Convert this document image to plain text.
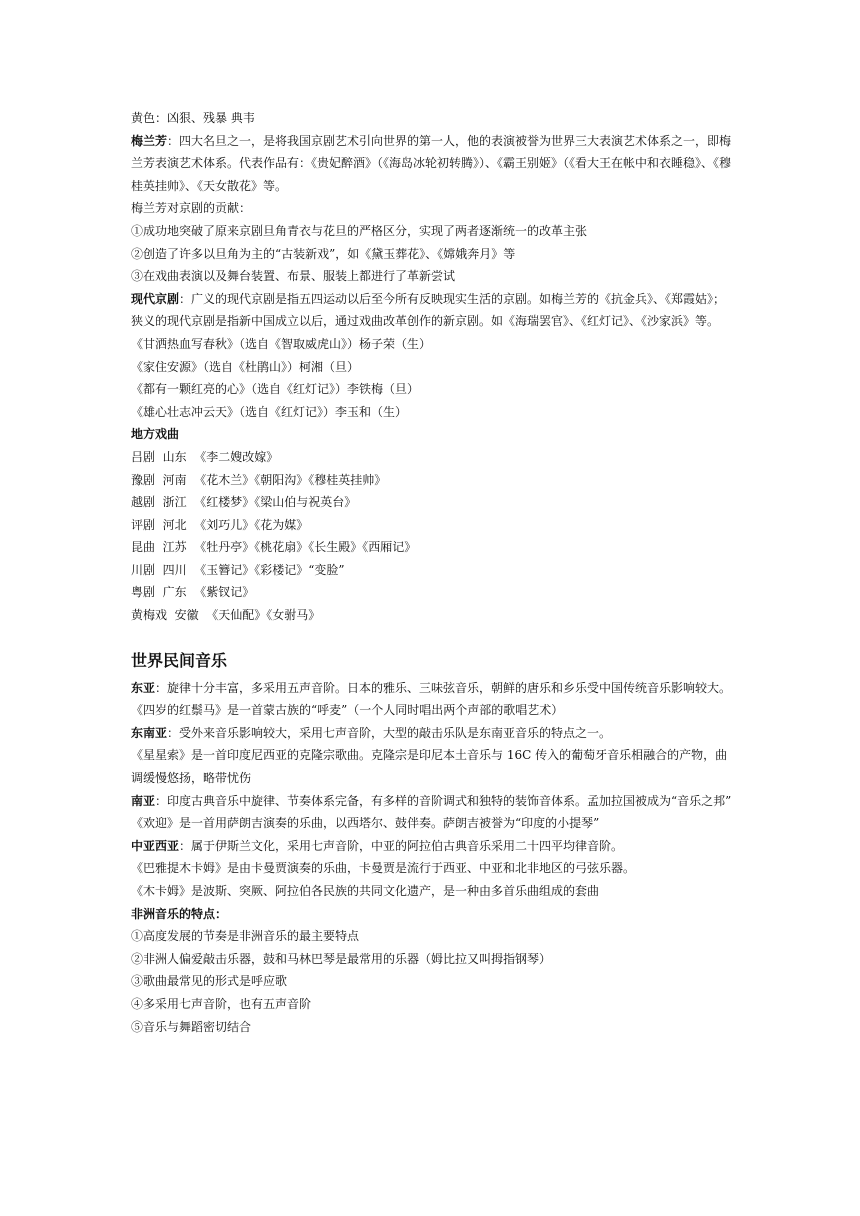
黄色：凶狠、残暴 典韦

梅兰芳：四大名旦之一，是将我国京剧艺术引向世界的第一人，他的表演被誉为世界三大表演艺术体系之一，即梅兰芳表演艺术体系。代表作品有：《贵妃醉酒》（《海岛冰轮初转腾》）、《霸王别姬》（《看大王在帐中和衣睡稳》、《穆桂英挂帅》、《天女散花》等。

梅兰芳对京剧的贡献：

①成功地突破了原来京剧旦角青衣与花旦的严格区分，实现了两者逐渐统一的改革主张

②创造了许多以旦角为主的“古装新戏”，如《黛玉葬花》、《嫦娥奔月》等

③在戏曲表演以及舞台装置、布景、服装上都进行了革新尝试

现代京剧：广义的现代京剧是指五四运动以后至今所有反映现实生活的京剧。如梅兰芳的《抗金兵》、《郑霞姑》；狭义的现代京剧是指新中国成立以后，通过戏曲改革创作的新京剧。如《海瑞罢官》、《红灯记》、《沙家浜》等。

《甘洒热血写春秋》（选自《智取威虎山》）杨子荣（生）

《家住安源》（选自《杜鹃山》）柯湘（旦）

《都有一颗红亮的心》（选自《红灯记》）李铁梅（旦）

《雄心壮志冲云天》（选自《红灯记》）李玉和（生）

地方戏曲

吕剧  山东  《李二嫂改嫁》

豫剧  河南  《花木兰》《朝阳沟》《穆桂英挂帅》

越剧  浙江  《红楼梦》《梁山伯与祝英台》

评剧  河北  《刘巧儿》《花为媒》

昆曲  江苏  《牡丹亭》《桃花扇》《长生殿》《西厢记》

川剧  四川  《玉簪记》《彩楼记》“变脸”

粤剧  广东  《紫钗记》

黄梅戏  安徽  《天仙配》《女驸马》

世界民间音乐

东亚：旋律十分丰富，多采用五声音阶。日本的雅乐、三味弦音乐，朝鲜的唐乐和乡乐受中国传统音乐影响较大。

《四岁的红鬃马》是一首蒙古族的“呼麦”（一个人同时唱出两个声部的歌唱艺术）

东南亚：受外来音乐影响较大，采用七声音阶，大型的敲击乐队是东南亚音乐的特点之一。

《星星索》是一首印度尼西亚的克隆宗歌曲。克隆宗是印尼本土音乐与 16C 传入的葡萄牙音乐相融合的产物，曲调缓慢悠扬，略带忧伤

南亚：印度古典音乐中旋律、节奏体系完备，有多样的音阶调式和独特的装饰音体系。孟加拉国被成为“音乐之邦”

《欢迎》是一首用萨朗吉演奏的乐曲，以西塔尔、鼓伴奏。萨朗吉被誉为“印度的小提琴”

中亚西亚：属于伊斯兰文化，采用七声音阶，中亚的阿拉伯古典音乐采用二十四平均律音阶。

《巴雅提木卡姆》是由卡曼贾演奏的乐曲，卡曼贾是流行于西亚、中亚和北非地区的弓弦乐器。

《木卡姆》是波斯、突厥、阿拉伯各民族的共同文化遗产，是一种由多首乐曲组成的套曲

非洲音乐的特点：

①高度发展的节奏是非洲音乐的最主要特点

②非洲人偏爱敲击乐器，鼓和马林巴琴是最常用的乐器（姆比拉又叫拇指钢琴）

③歌曲最常见的形式是呼应歌

④多采用七声音阶，也有五声音阶

⑤音乐与舞蹈密切结合
